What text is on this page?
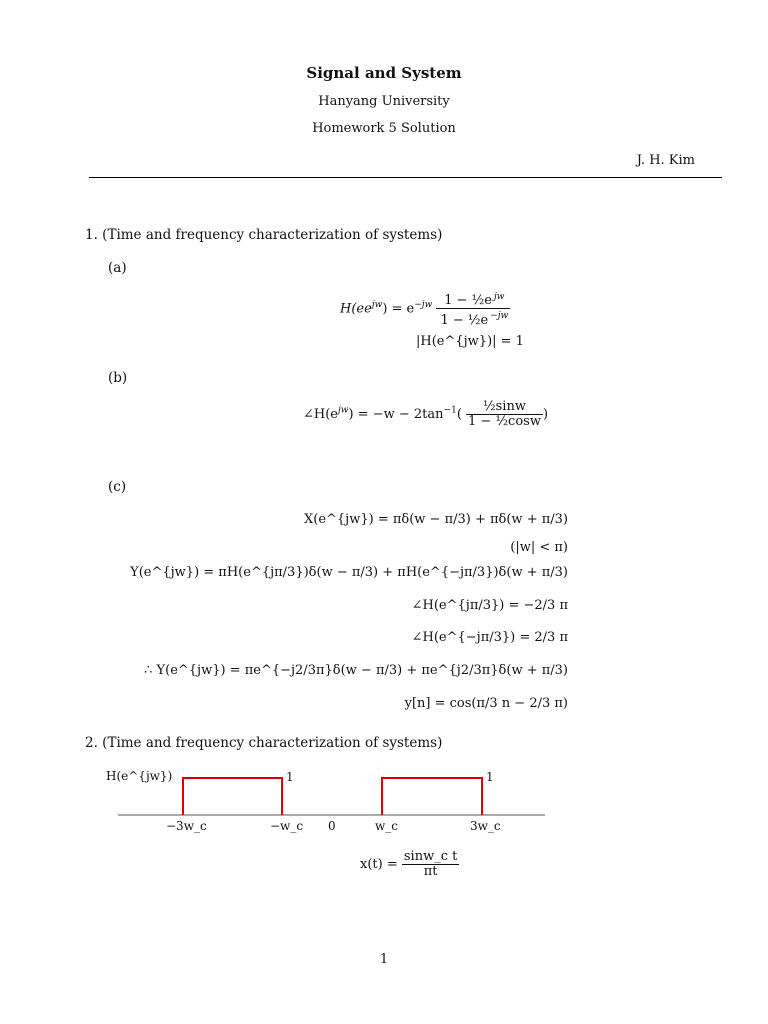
Signal and System
Hanyang University
Homework 5 Solution
J. H. Kim
1. (Time and frequency characterization of systems)
(a)
$H(ee^{jw}) = e^{-jw} \frac{1 - \frac{1}{2}e ^{jw}}{1 - \frac{1}{2}e ^{-jw}}$
|H(e^{jw})| = 1
(b)
$\angle H(e^{jw}) = -w - 2\tan^{-1}( \frac{\text{½sinw}}{\text{1 − ½cosw}}$ )
(c)
X(e^{jw}) = πδ(w − π/3) + πδ(w + π/3)
(|w| < π)
Y(e^{jw}) = πH(e^{jπ/3})δ(w − π/3) + πH(e^{−jπ/3})δ(w + π/3)
∠H(e^{jπ/3}) = −2/3 π
∠H(e^{−jπ/3}) = 2/3 π
∴ Y(e^{jw}) = πe^{−j2/3π}δ(w − π/3) + πe^{j2/3π}δ(w + π/3)
y[n] = cos(π/3 n − 2/3 π)
2. (Time and frequency characterization of systems)
H(e^{jw})	1	1
−3w_c	−w_c 0	w_c	3w_c
$x(t) = \frac{\text{sinw\_c t}}{\pi t}$
1
